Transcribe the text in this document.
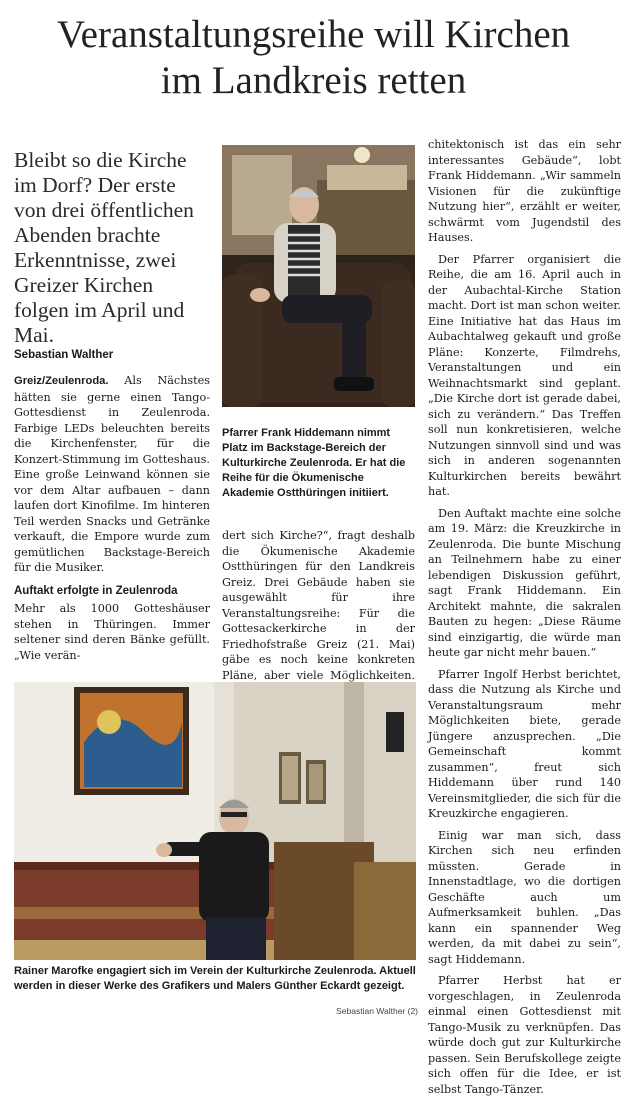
Veranstaltungsreihe will Kirchen
im Landkreis retten
Bleibt so die Kirche im Dorf? Der erste von drei öffentlichen Abenden brachte Erkenntnisse, zwei Greizer Kirchen folgen im April und Mai.
Sebastian Walther

Greiz/Zeulenroda. Als Nächstes hätten sie gerne einen Tango-Gottesdienst in Zeulenroda. Farbige LEDs beleuchten bereits die Kirchenfenster, für die Konzert-Stimmung im Gotteshaus. Eine große Leinwand können sie vor dem Altar aufbauen – dann laufen dort Kinofilme. Im hinteren Teil werden Snacks und Getränke verkauft, die Empore wurde zum gemütlichen Backstage-Bereich für die Musiker.

Auftakt erfolgte in Zeulenroda

Mehr als 1000 Gotteshäuser stehen in Thüringen. Immer seltener sind deren Bänke gefüllt. „Wie verän-

Pfarrer Frank Hiddemann nimmt Platz im Backstage-Bereich der Kulturkirche Zeulenroda. Er hat die Reihe für die Ökumenische Akademie Ostthüringen initiiert.

dert sich Kirche?“, fragt deshalb die Ökumenische Akademie Ostthüringen für den Landkreis Greiz. Drei Gebäude haben sie ausgewählt für ihre Veranstaltungsreihe: Für die Gottesackerkirche in der Friedhofstraße Greiz (21. Mai) gäbe es noch keine konkreten Pläne, aber viele Möglichkeiten.

Rainer Marofke engagiert sich im Verein der Kulturkirche Zeulenroda. Aktuell werden in dieser Werke des Grafikers und Malers Günther Eckardt gezeigt.
Sebastian Walther (2)

chitektonisch ist das ein sehr interessantes Gebäude“, lobt Frank Hiddemann. „Wir sammeln Visionen für die zukünftige Nutzung hier“, erzählt er weiter, schwärmt vom Jugendstil des Hauses.

Der Pfarrer organisiert die Reihe, die am 16. April auch in der Aubachtal-Kirche Station macht. Dort ist man schon weiter. Eine Initiative hat das Haus im Aubachtalweg gekauft und große Pläne: Konzerte, Filmdrehs, Veranstaltungen und ein Weihnachtsmarkt sind geplant. „Die Kirche dort ist gerade dabei, sich zu verändern.“ Das Treffen soll nun konkretisieren, welche Nutzungen sinnvoll sind und was sich in anderen sogenannten Kulturkirchen bereits bewährt hat.

Den Auftakt machte eine solche am 19. März: die Kreuzkirche in Zeulenroda. Die bunte Mischung an Teilnehmern habe zu einer lebendigen Diskussion geführt, sagt Frank Hiddemann. Ein Architekt mahnte, die sakralen Bauten zu hegen: „Diese Räume sind einzigartig, die würde man heute gar nicht mehr bauen.“

Pfarrer Ingolf Herbst berichtet, dass die Nutzung als Kirche und Veranstaltungsraum mehr Möglichkeiten biete, gerade Jüngere anzusprechen. „Die Gemeinschaft kommt zusammen“, freut sich Hiddemann über rund 140 Vereinsmitglieder, die sich für die Kreuzkirche engagieren.

Einig war man sich, dass Kirchen sich neu erfinden müssten. Gerade in Innenstadtlage, wo die dortigen Geschäfte auch um Aufmerksamkeit buhlen. „Das kann ein spannender Weg werden, da mit dabei zu sein“, sagt Hiddemann.

Pfarrer Herbst hat er vorgeschlagen, in Zeulenroda einmal einen Gottesdienst mit Tango-Musik zu verknüpfen. Das würde doch gut zur Kulturkirche passen. Sein Berufskollege zeigte sich offen für die Idee, er ist selbst Tango-Tänzer.
